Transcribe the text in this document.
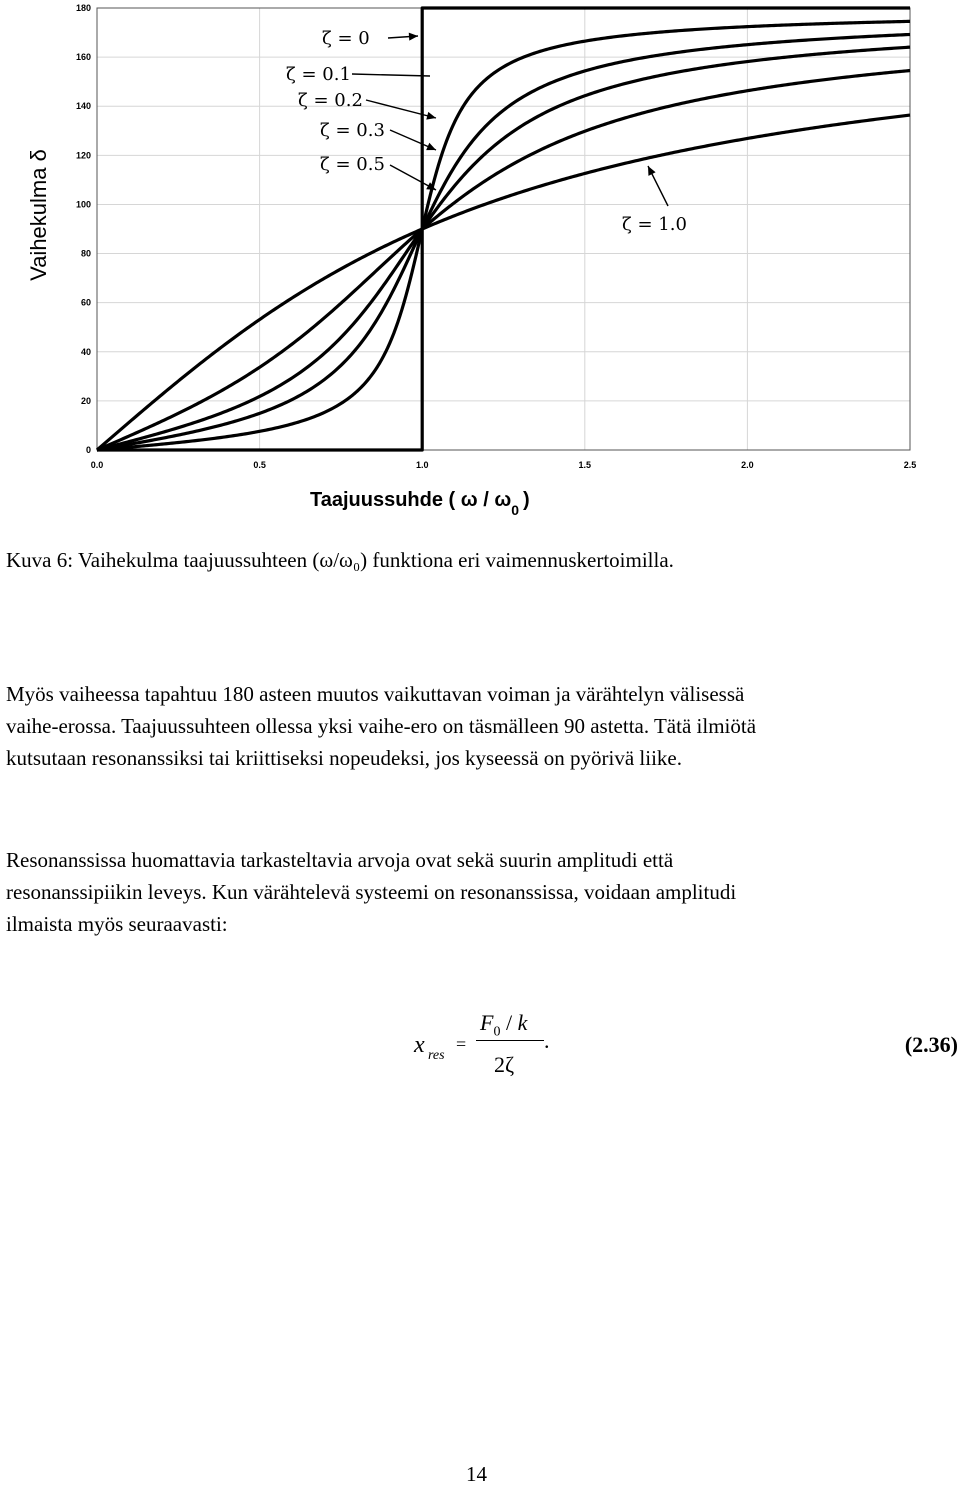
0
20
40
60
80
100
120
140
160
180
0.0	0.5	1.0	1.5	2.0	2.5
ζ = 0
ζ = 0.1
ζ = 0.2
ζ = 0.3
ζ = 0.5
ζ = 1.0
Vaihekulma δ
Taajuussuhde ( ω / $\omega_0$ )
Kuva 6: Vaihekulma taajuussuhteen (ω/ω₀) funktiona eri vaimennuskertoimilla.
Myös vaiheessa tapahtuu 180 asteen muutos vaikuttavan voiman ja värähtelyn välisessä
vaihe-erossa. Taajuussuhteen ollessa yksi vaihe-ero on täsmälleen 90 astetta. Tätä ilmiötä
kutsutaan resonanssiksi tai kriittiseksi nopeudeksi, jos kyseessä on pyörivä liike.
Resonanssissa huomattavia tarkasteltavia arvoja ovat sekä suurin amplitudi että
resonanssipiikin leveys. Kun värähtelevä systeemi on resonanssissa, voidaan amplitudi
ilmaista myös seuraavasti:
x res
=
$F_0$ / k
2ζ
.	(2.36)
14
